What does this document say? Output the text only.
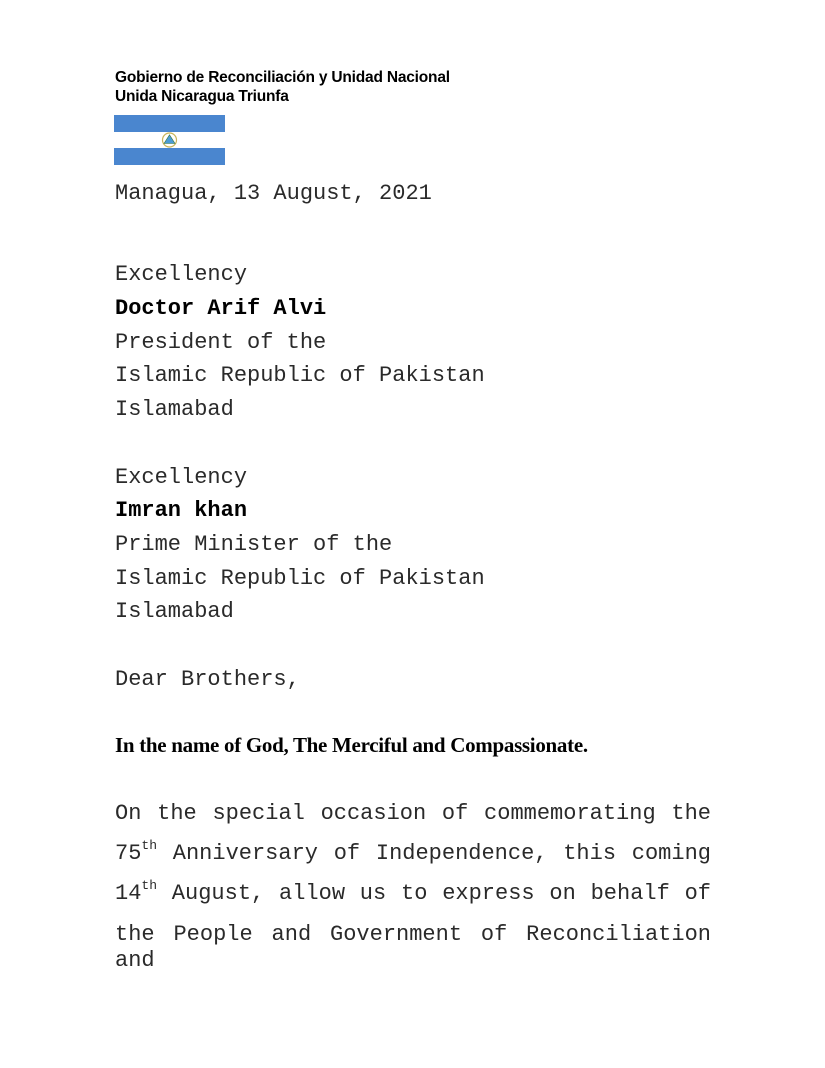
Gobierno de Reconciliación y Unidad Nacional
Unida Nicaragua Triunfa
Managua, 13 August, 2021
Excellency
Doctor Arif Alvi
President of the
Islamic Republic of Pakistan
Islamabad
Excellency
Imran khan
Prime Minister of the
Islamic Republic of Pakistan
Islamabad
Dear Brothers,
In the name of God, The Merciful and Compassionate.
On the special occasion of commemorating the
75th Anniversary of Independence, this coming
14th August, allow us to express on behalf of
the People and Government of Reconciliation and
